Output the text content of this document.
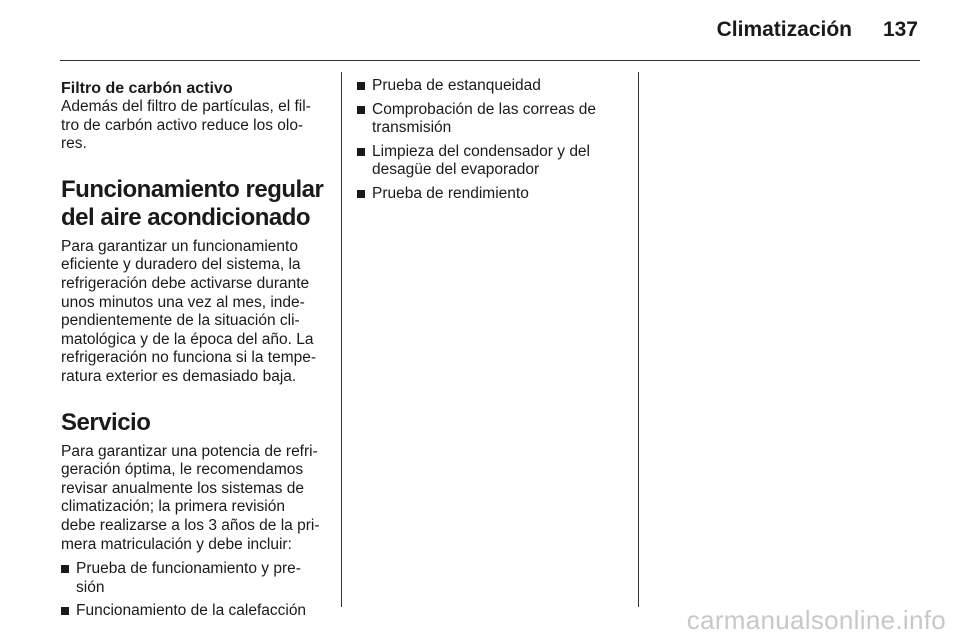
Climatización 137
Filtro de carbón activo
Además del filtro de partículas, el fil-
tro de carbón activo reduce los olo-
res.
Funcionamiento regular
del aire acondicionado
Para garantizar un funcionamiento
eficiente y duradero del sistema, la
refrigeración debe activarse durante
unos minutos una vez al mes, inde-
pendientemente de la situación cli-
matológica y de la época del año. La
refrigeración no funciona si la tempe-
ratura exterior es demasiado baja.
Servicio
Para garantizar una potencia de refri-
geración óptima, le recomendamos
revisar anualmente los sistemas de
climatización; la primera revisión
debe realizarse a los 3 años de la pri-
mera matriculación y debe incluir:
Prueba de funcionamiento y pre-
sión
Funcionamiento de la calefacción
Prueba de estanqueidad
Comprobación de las correas de
transmisión
Limpieza del condensador y del
desagüe del evaporador
Prueba de rendimiento
carmanualsonline.info
